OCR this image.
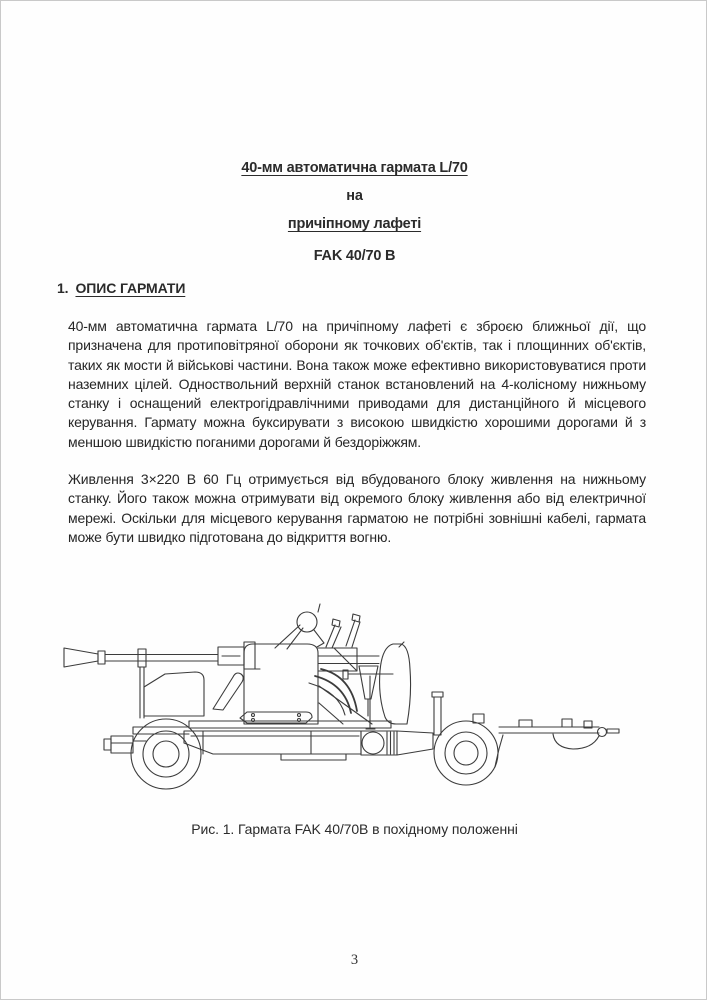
40-мм автоматична гармата L/70
на
причіпному лафеті
FAK 40/70 В
1. ОПИС ГАРМАТИ

40-мм автоматична гармата L/70 на причіпному лафеті є зброєю ближньої дії, що призначена для протиповітряної оборони як точкових об'єктів, так і площинних об'єктів, таких як мости й військові частини. Вона також може ефективно використовуватися проти наземних цілей. Одноствольний верхній станок встановлений на 4-колісному нижньому станку і оснащений електрогідравлічними приводами для дистанційного й місцевого керування. Гармату можна буксирувати з високою швидкістю хорошими дорогами й з меншою швидкістю поганими дорогами й бездоріжжям.

Живлення 3×220 В 60 Гц отримується від вбудованого блоку живлення на нижньому станку. Його також можна отримувати від окремого блоку живлення або від електричної мережі. Оскільки для місцевого керування гарматою не потрібні зовнішні кабелі, гармата може бути швидко підготована до відкриття вогню.

Рис. 1. Гармата FAK 40/70В в похідному положенні
3
